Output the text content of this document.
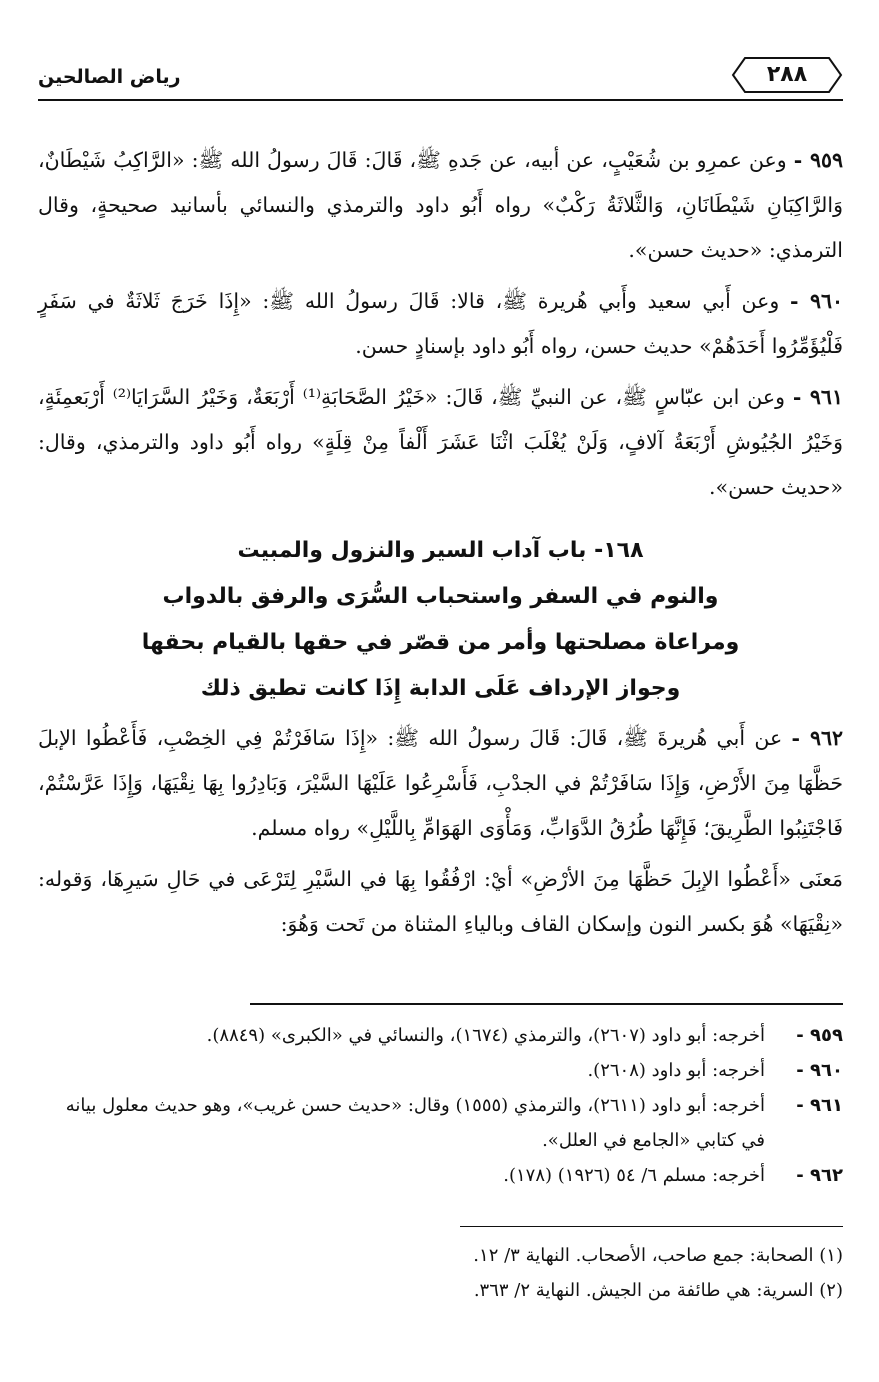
٢٨٨
رياض الصالحين

٩٥٩ - وعن عمرِو بن شُعَيْبٍ، عن أبيه، عن جَدهِ ﷺ، قَالَ: قَالَ رسولُ الله ﷺ: «الرَّاكِبُ شَيْطَانٌ، وَالرَّاكِبَانِ شَيْطَانَانِ، وَالثَّلاثَةُ رَكْبٌ» رواه أَبُو داود والترمذي والنسائي بأسانيد صحيحةٍ، وقال الترمذي: «حديث حسن».

٩٦٠ - وعن أَبي سعيد وأَبي هُريرة ﷺ، قالا: قَالَ رسولُ الله ﷺ: «إِذَا خَرَجَ ثَلاثَةٌ في سَفَرٍ فَلْيُؤَمِّرُوا أَحَدَهُمْ» حديث حسن، رواه أَبُو داود بإسنادٍ حسن.

٩٦١ - وعن ابن عبّاسٍ ﷺ، عن النبيِّ ﷺ، قَالَ: «خَيْرُ الصَّحَابَةِ⁽¹⁾ أَرْبَعَةٌ، وَخَيْرُ السَّرَايَا⁽²⁾ أَرْبَعمِئَةٍ، وَخَيْرُ الجُيُوشِ أَرْبَعَةُ آلافٍ، وَلَنْ يُغْلَبَ اثْنَا عَشَرَ أَلْفاً مِنْ قِلَةٍ» رواه أَبُو داود والترمذي، وقال: «حديث حسن».

١٦٨- باب آداب السير والنزول والمبيت
والنوم في السفر واستحباب السُّرَى والرفق بالدواب
ومراعاة مصلحتها وأمر من قصّر في حقها بالقيام بحقها
وجواز الإرداف عَلَى الدابة إِذَا كانت تطيق ذلك

٩٦٢ - عن أَبي هُريرةَ ﷺ، قَالَ: قَالَ رسولُ الله ﷺ: «إِذَا سَافَرْتُمْ فِي الخِصْبِ، فَأَعْطُوا الإبلَ حَظَّهَا مِنَ الأَرْضِ، وَإِذَا سَافَرْتُمْ في الجدْبِ، فَأَسْرِعُوا عَلَيْهَا السَّيْرَ، وَبَادِرُوا بِهَا نِقْيَهَا، وَإِذَا عَرَّسْتُمْ، فَاجْتَنِبُوا الطَّرِيقَ؛ فَإِنَّهَا طُرُقُ الدَّوَابِّ، وَمَأْوَى الهَوَامِّ بِاللَّيْلِ» رواه مسلم.

مَعنَى «أَعْطُوا الإبِلَ حَظَّهَا مِنَ الأرْضِ» أيْ: ارْفُقُوا بِهَا في السَّيْرِ لِتَرْعَى في حَالِ سَيرِهَا، وَقوله: «نِقْيَهَا» هُوَ بكسر النون وإسكان القاف وبالياءِ المثناة من تَحت وَهُوَ:

٩٥٩ -
أخرجه: أبو داود (٢٦٠٧)، والترمذي (١٦٧٤)، والنسائي في «الكبرى» (٨٨٤٩).
٩٦٠ -
أخرجه: أبو داود (٢٦٠٨).
٩٦١ -
أخرجه: أبو داود (٢٦١١)، والترمذي (١٥٥٥) وقال: «حديث حسن غريب»، وهو حديث معلول بيانه في كتابي «الجامع في العلل».
٩٦٢ -
أخرجه: مسلم ٦/ ٥٤ (١٩٢٦) (١٧٨).
(١) الصحابة: جمع صاحب، الأصحاب. النهاية ٣/ ١٢.
(٢) السرية: هي طائفة من الجيش. النهاية ٢/ ٣٦٣.
